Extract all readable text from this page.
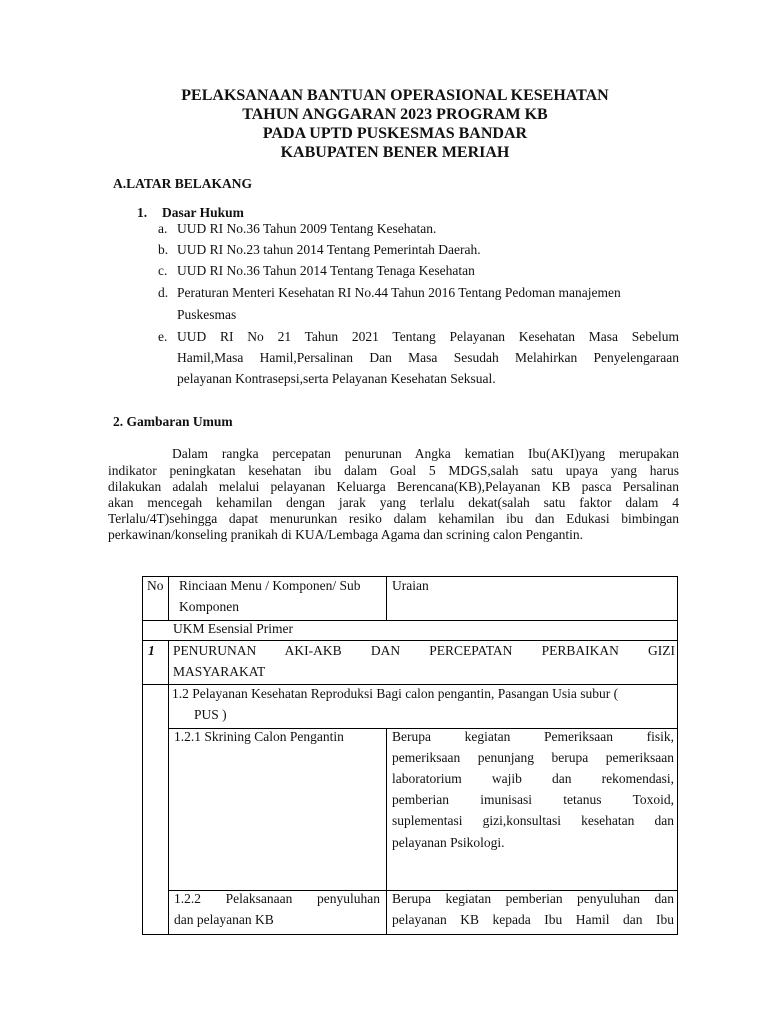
PELAKSANAAN BANTUAN OPERASIONAL KESEHATAN
TAHUN ANGGARAN 2023 PROGRAM KB
PADA UPTD PUSKESMAS BANDAR
KABUPATEN BENER MERIAH
A.LATAR BELAKANG
1. Dasar Hukum
a. UUD RI No.36 Tahun 2009 Tentang Kesehatan.
b. UUD RI No.23 tahun 2014 Tentang Pemerintah Daerah.
c. UUD RI No.36 Tahun 2014 Tentang Tenaga Kesehatan
d. Peraturan Menteri Kesehatan RI No.44 Tahun 2016 Tentang Pedoman manajemen
Puskesmas
e. UUD RI No 21 Tahun 2021 Tentang Pelayanan Kesehatan Masa Sebelum
Hamil,Masa Hamil,Persalinan Dan Masa Sesudah Melahirkan Penyelengaraan
pelayanan Kontrasepsi,serta Pelayanan Kesehatan Seksual.
2. Gambaran Umum
Dalam rangka percepatan penurunan Angka kematian Ibu(AKI)yang merupakan
indikator peningkatan kesehatan ibu dalam Goal 5 MDGS,salah satu upaya yang harus
dilakukan adalah melalui pelayanan Keluarga Berencana(KB),Pelayanan KB pasca Persalinan
akan mencegah kehamilan dengan jarak yang terlalu dekat(salah satu faktor dalam 4
Terlalu/4T)sehingga dapat menurunkan resiko dalam kehamilan ibu dan Edukasi bimbingan
perkawinan/konseling pranikah di KUA/Lembaga Agama dan scrining calon Pengantin.
No Rinciaan Menu / Komponen/ Sub
Komponen
Uraian
UKM Esensial Primer
1 PENURUNAN AKI-AKB DAN PERCEPATAN PERBAIKAN GIZI
MASYARAKAT
1.2 Pelayanan Kesehatan Reproduksi Bagi calon pengantin, Pasangan Usia subur (
PUS )
1.2.1 Skrining Calon Pengantin	Berupa kegiatan Pemeriksaan fisik,
pemeriksaan penunjang berupa pemeriksaan
laboratorium wajib dan rekomendasi,
pemberian imunisasi tetanus Toxoid,
suplementasi gizi,konsultasi kesehatan dan
pelayanan Psikologi.
1.2.2 Pelaksanaan penyuluhan
dan pelayanan KB
Berupa kegiatan pemberian penyuluhan dan
pelayanan KB kepada Ibu Hamil dan Ibu
